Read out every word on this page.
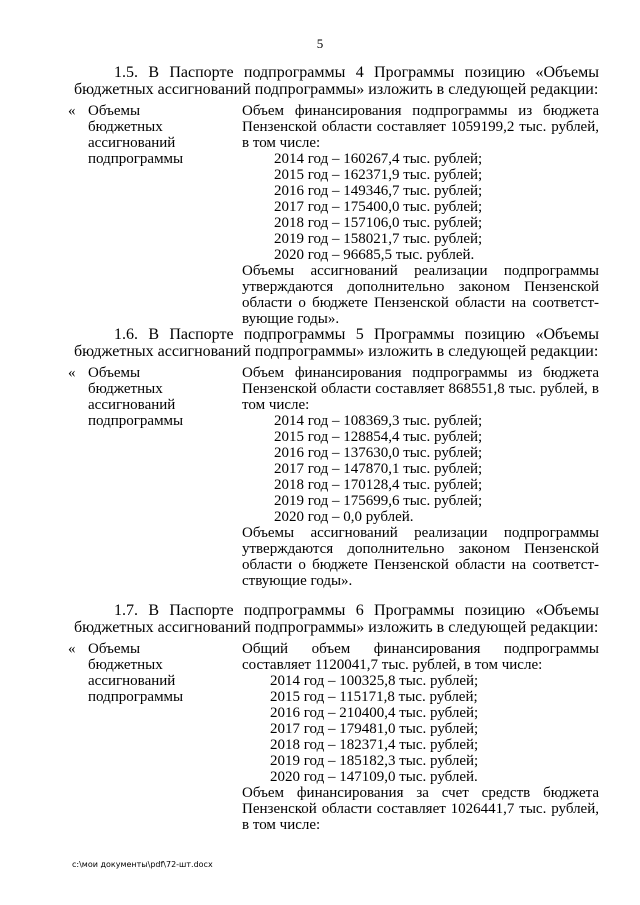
5
1.5. В Паспорте подпрограммы 4 Программы позицию «Объемы бюджетных ассигнований подпрограммы» изложить в следующей редакции:
« Объемы
бюджетных
ассигнований
подпрограммы
Объем финансирования подпрограммы из бюджета Пензенской области составляет 1059199,2 тыс. рублей, в том числе:
2014 год – 160267,4 тыс. рублей;
2015 год – 162371,9 тыс. рублей;
2016 год – 149346,7 тыс. рублей;
2017 год – 175400,0 тыс. рублей;
2018 год – 157106,0 тыс. рублей;
2019 год – 158021,7 тыс. рублей;
2020 год – 96685,5 тыс. рублей.
Объемы ассигнований реализации подпрограммы утверждаются дополнительно законом Пензенской области о бюджете Пензенской области на соответст-вующие годы».
1.6. В Паспорте подпрограммы 5 Программы позицию «Объемы бюджетных ассигнований подпрограммы» изложить в следующей редакции:
« Объемы
бюджетных
ассигнований
подпрограммы
Объем финансирования подпрограммы из бюджета Пензенской области составляет 868551,8 тыс. рублей, в том числе:
2014 год – 108369,3 тыс. рублей;
2015 год – 128854,4 тыс. рублей;
2016 год – 137630,0 тыс. рублей;
2017 год – 147870,1 тыс. рублей;
2018 год – 170128,4 тыс. рублей;
2019 год – 175699,6 тыс. рублей;
2020 год – 0,0 рублей.
Объемы ассигнований реализации подпрограммы утверждаются дополнительно законом Пензенской области о бюджете Пензенской области на соответст-ствующие годы».
1.7. В Паспорте подпрограммы 6 Программы позицию «Объемы бюджетных ассигнований подпрограммы» изложить в следующей редакции:
« Объемы
бюджетных
ассигнований
подпрограммы
Общий объем финансирования подпрограммы составляет 1120041,7 тыс. рублей, в том числе:
2014 год – 100325,8 тыс. рублей;
2015 год – 115171,8 тыс. рублей;
2016 год – 210400,4 тыс. рублей;
2017 год – 179481,0 тыс. рублей;
2018 год – 182371,4 тыс. рублей;
2019 год – 185182,3 тыс. рублей;
2020 год – 147109,0 тыс. рублей.
Объем финансирования за счет средств бюджета Пензенской области составляет 1026441,7 тыс. рублей, в том числе:
c:\мои документы\pdf\72-шт.docx
